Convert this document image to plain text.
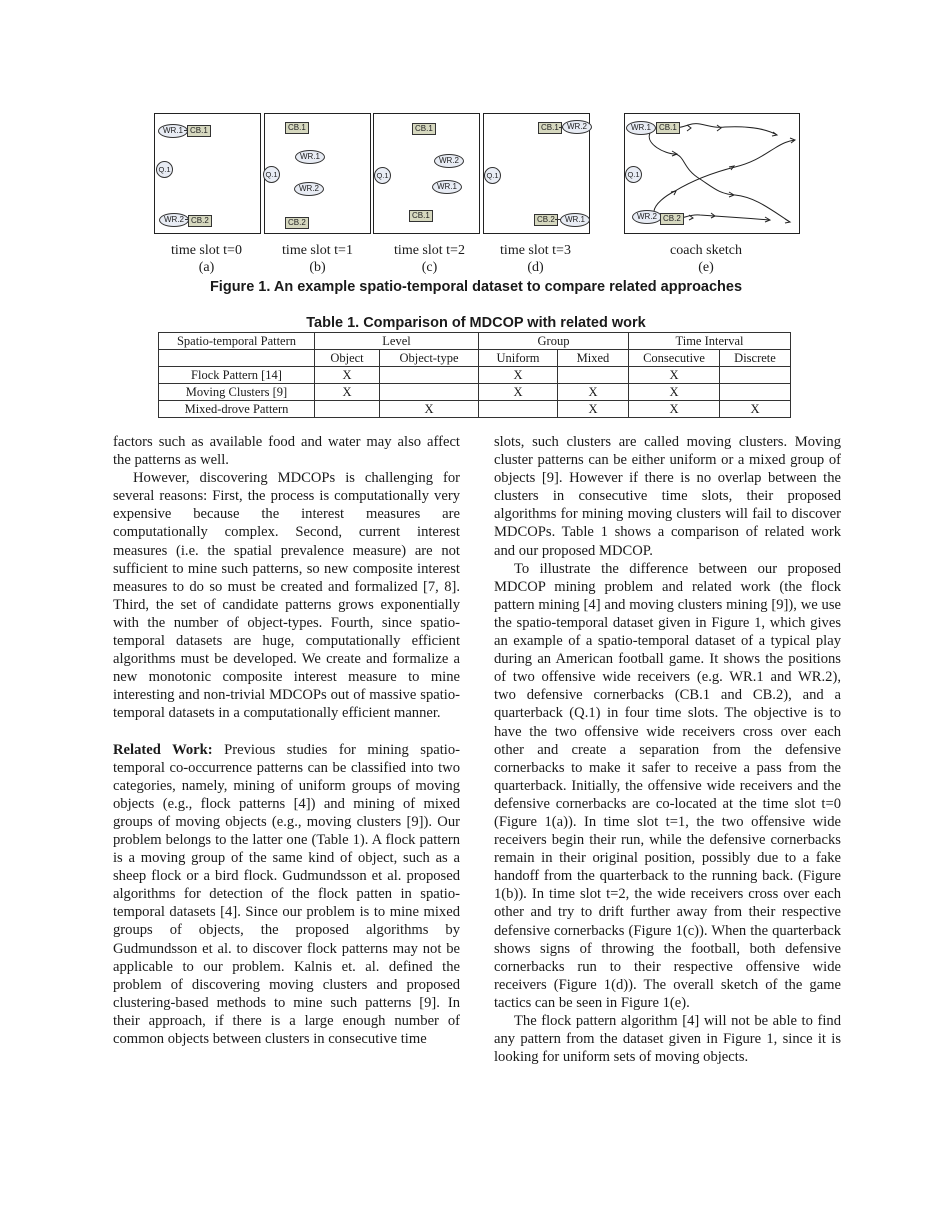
WR.1 CB.1
Q.1
WR.2 CB.2
CB.1
WR.1
Q.1
WR.2
CB.2
CB.1
WR.2
Q.1
WR.1
CB.1
CB.1	WR.2
Q.1
CB.2	WR.1
WR.1	CB.1
Q.1
WR.2 CB.2
time slot t=0
(a)
time slot t=1
(b)
time slot t=2
(c)
time slot t=3
(d)
coach sketch
(e)
Figure 1. An example spatio-temporal dataset to compare related approaches
Table 1. Comparison of MDCOP with related work
Spatio-temporal Pattern	Level		Group		Time Interval	
	Object	Object-type	Uniform	Mixed	Consecutive	Discrete
Flock Pattern [14]	X		X		X	
Moving Clusters [9]	X		X	X	X	
Mixed-drove Pattern		X		X	X	X

factors such as available food and water may also affect the patterns as well.

However, discovering MDCOPs is challenging for several reasons: First, the process is computationally very expensive because the interest measures are computationally complex. Second, current interest measures (i.e. the spatial prevalence measure) are not sufficient to mine such patterns, so new composite interest measures to do so must be created and formalized [7, 8]. Third, the set of candidate patterns grows exponentially with the number of object-types. Fourth, since spatio-temporal datasets are huge, computationally efficient algorithms must be developed. We create and formalize a new monotonic composite interest measure to mine interesting and non-trivial MDCOPs out of massive spatio-temporal datasets in a computationally efficient manner.

Related Work: Previous studies for mining spatio-temporal co-occurrence patterns can be classified into two categories, namely, mining of uniform groups of moving objects (e.g., flock patterns [4]) and mining of mixed groups of moving objects (e.g., moving clusters [9]). Our problem belongs to the latter one (Table 1). A flock pattern is a moving group of the same kind of object, such as a sheep flock or a bird flock. Gudmundsson et al. proposed algorithms for detection of the flock patten in spatio-temporal datasets [4]. Since our problem is to mine mixed groups of objects, the proposed algorithms by Gudmundsson et al. to discover flock patterns may not be applicable to our problem. Kalnis et. al. defined the problem of discovering moving clusters and proposed clustering-based methods to mine such patterns [9]. In their approach, if there is a large enough number of common objects between clusters in consecutive time

slots, such clusters are called moving clusters. Moving cluster patterns can be either uniform or a mixed group of objects [9]. However if there is no overlap between the clusters in consecutive time slots, their proposed algorithms for mining moving clusters will fail to discover MDCOPs. Table 1 shows a comparison of related work and our proposed MDCOP.

To illustrate the difference between our proposed MDCOP mining problem and related work (the flock pattern mining [4] and moving clusters mining [9]), we use the spatio-temporal dataset given in Figure 1, which gives an example of a spatio-temporal dataset of a typical play during an American football game. It shows the positions of two offensive wide receivers (e.g. WR.1 and WR.2), two defensive cornerbacks (CB.1 and CB.2), and a quarterback (Q.1) in four time slots. The objective is to have the two offensive wide receivers cross over each other and create a separation from the defensive cornerbacks to make it safer to receive a pass from the quarterback. Initially, the offensive wide receivers and the defensive cornerbacks are co-located at the time slot t=0 (Figure 1(a)). In time slot t=1, the two offensive wide receivers begin their run, while the defensive cornerbacks remain in their original position, possibly due to a fake handoff from the quarterback to the running back. (Figure 1(b)). In time slot t=2, the wide receivers cross over each other and try to drift further away from their respective defensive cornerbacks (Figure 1(c)). When the quarterback shows signs of throwing the football, both defensive cornerbacks run to their respective offensive wide receivers (Figure 1(d)). The overall sketch of the game tactics can be seen in Figure 1(e).

The flock pattern algorithm [4] will not be able to find any pattern from the dataset given in Figure 1, since it is looking for uniform sets of moving objects.
